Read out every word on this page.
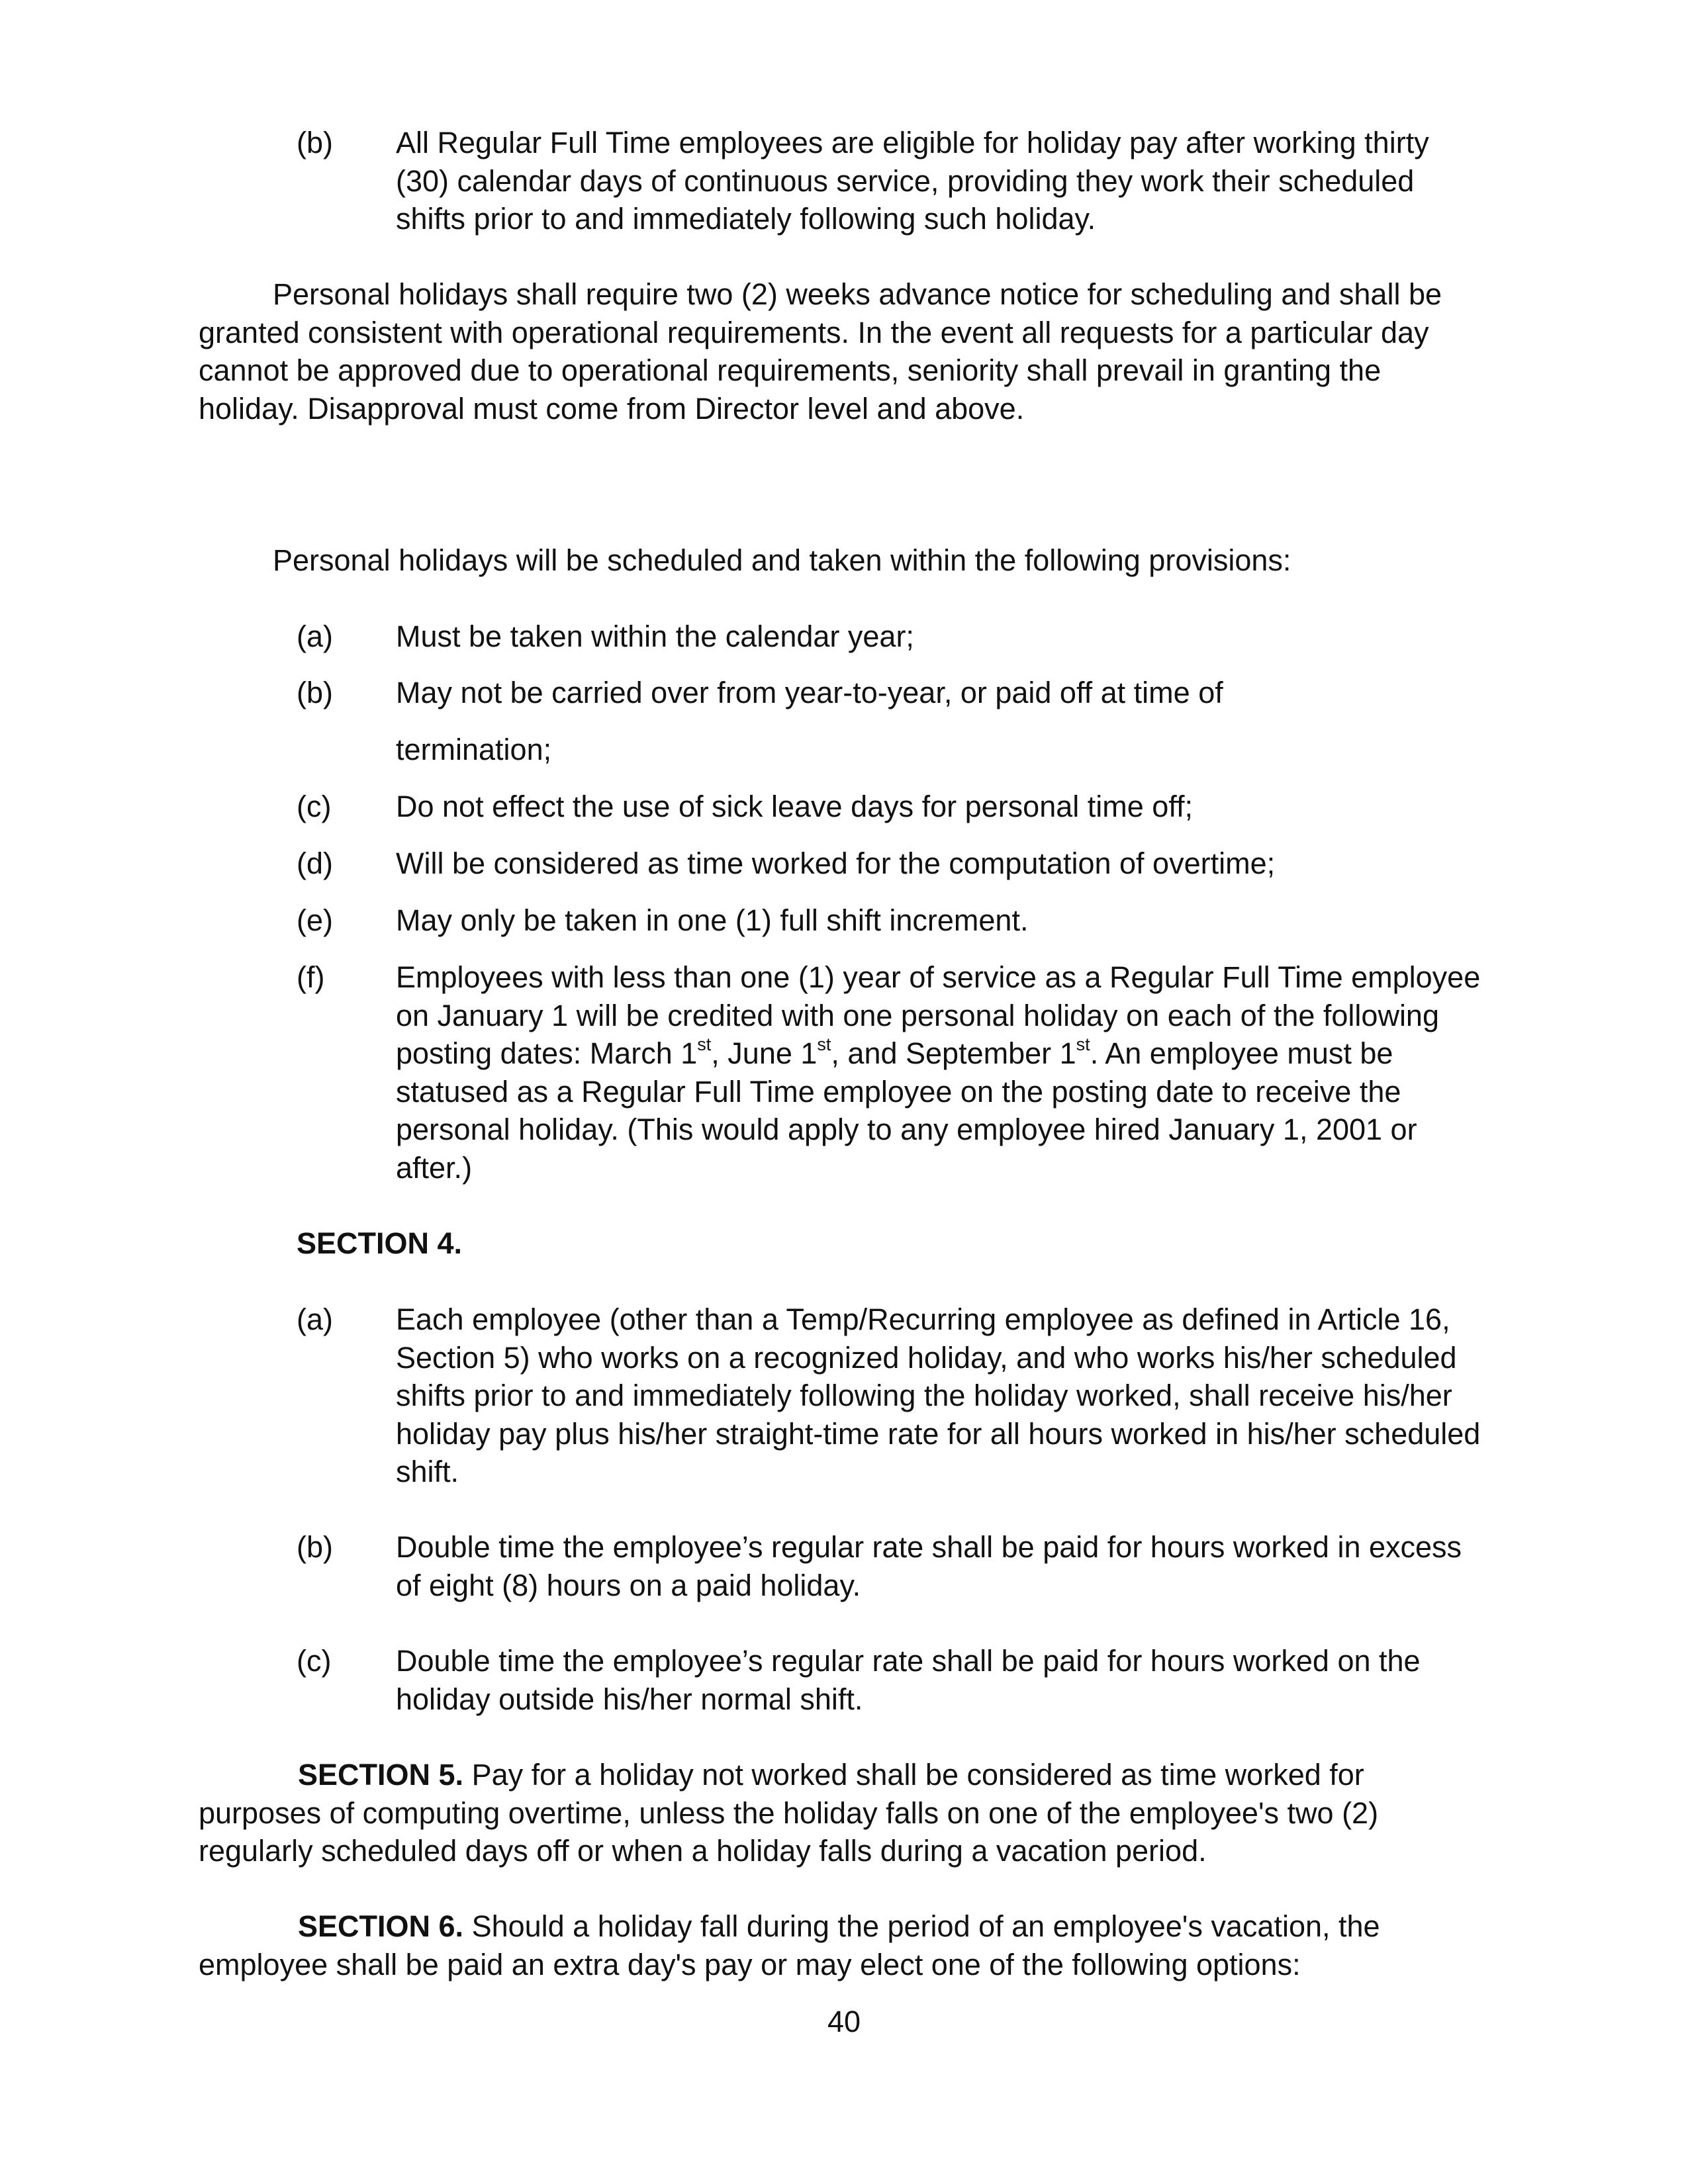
(b) All Regular Full Time employees are eligible for holiday pay after working thirty (30) calendar days of continuous service, providing they work their scheduled shifts prior to and immediately following such holiday.
Personal holidays shall require two (2) weeks advance notice for scheduling and shall be granted consistent with operational requirements. In the event all requests for a particular day cannot be approved due to operational requirements, seniority shall prevail in granting the holiday. Disapproval must come from Director level and above.
Personal holidays will be scheduled and taken within the following provisions:
(a) Must be taken within the calendar year;
(b) May not be carried over from year-to-year, or paid off at time of termination;
(c) Do not effect the use of sick leave days for personal time off;
(d) Will be considered as time worked for the computation of overtime;
(e) May only be taken in one (1) full shift increment.
(f) Employees with less than one (1) year of service as a Regular Full Time employee on January 1 will be credited with one personal holiday on each of the following posting dates: March 1st, June 1st, and September 1st. An employee must be statused as a Regular Full Time employee on the posting date to receive the personal holiday. (This would apply to any employee hired January 1, 2001 or after.)
SECTION 4.
(a) Each employee (other than a Temp/Recurring employee as defined in Article 16, Section 5) who works on a recognized holiday, and who works his/her scheduled shifts prior to and immediately following the holiday worked, shall receive his/her holiday pay plus his/her straight-time rate for all hours worked in his/her scheduled shift.
(b) Double time the employee’s regular rate shall be paid for hours worked in excess of eight (8) hours on a paid holiday.
(c) Double time the employee’s regular rate shall be paid for hours worked on the holiday outside his/her normal shift.
SECTION 5. Pay for a holiday not worked shall be considered as time worked for purposes of computing overtime, unless the holiday falls on one of the employee's two (2) regularly scheduled days off or when a holiday falls during a vacation period.
SECTION 6. Should a holiday fall during the period of an employee's vacation, the employee shall be paid an extra day's pay or may elect one of the following options:
40
